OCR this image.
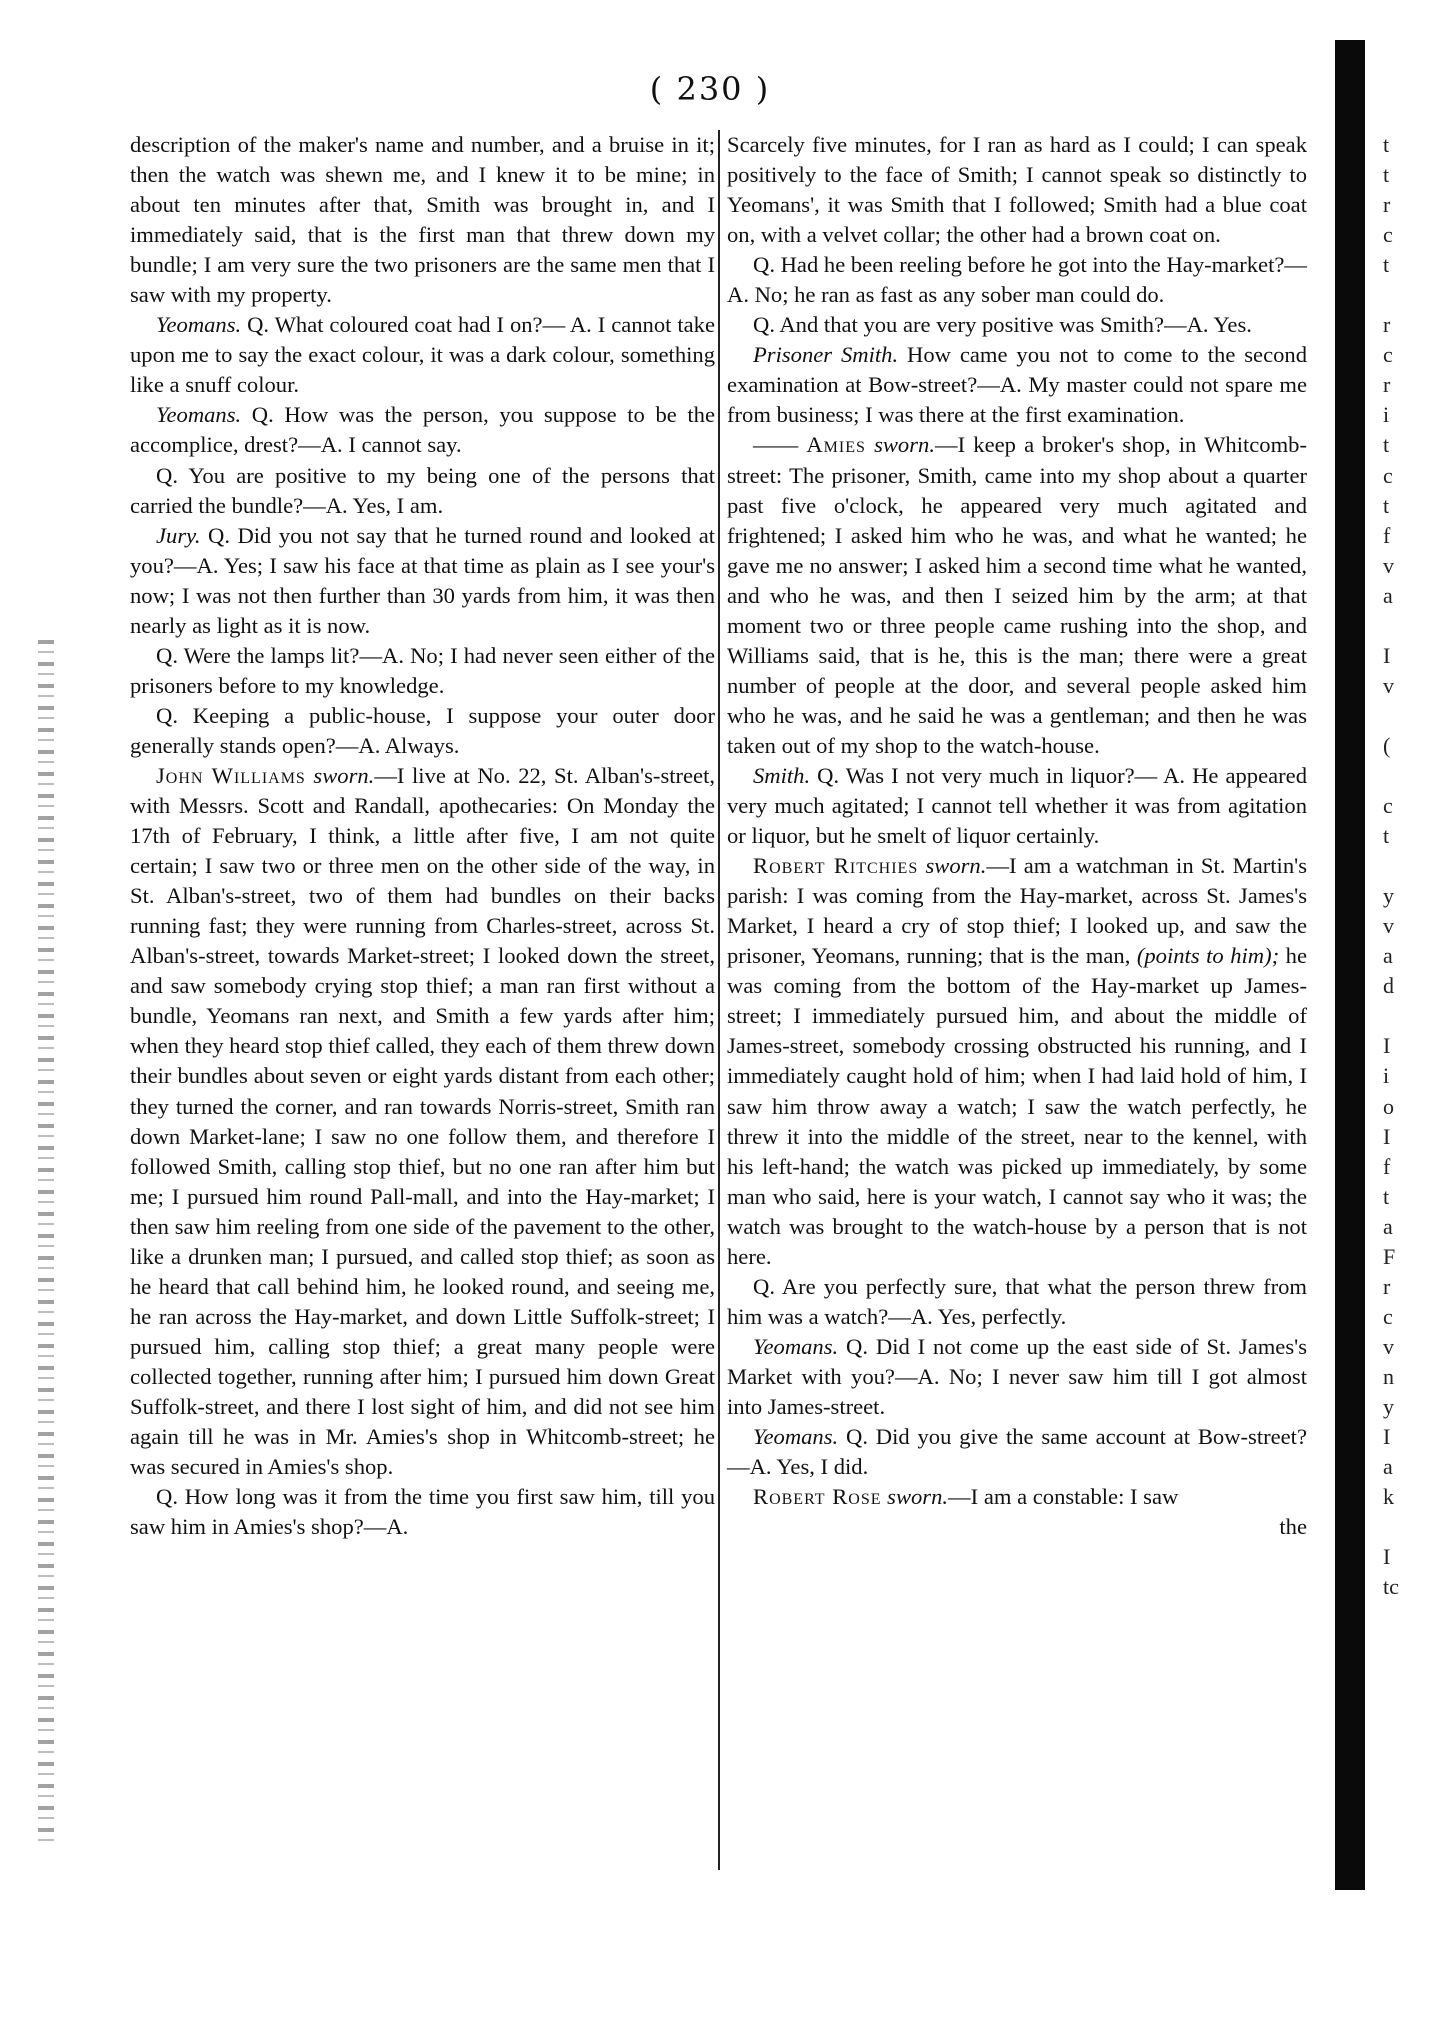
( 230 )

description of the maker's name and number, and a bruise in it; then the watch was shewn me, and I knew it to be mine; in about ten minutes after that, Smith was brought in, and I immediately said, that is the first man that threw down my bundle; I am very sure the two prisoners are the same men that I saw with my property.

Yeomans. Q. What coloured coat had I on?— A. I cannot take upon me to say the exact colour, it was a dark colour, something like a snuff colour.

Yeomans. Q. How was the person, you suppose to be the accomplice, drest?—A. I cannot say.

Q. You are positive to my being one of the persons that carried the bundle?—A. Yes, I am.

Jury. Q. Did you not say that he turned round and looked at you?—A. Yes; I saw his face at that time as plain as I see your's now; I was not then further than 30 yards from him, it was then nearly as light as it is now.

Q. Were the lamps lit?—A. No; I had never seen either of the prisoners before to my knowledge.

Q. Keeping a public-house, I suppose your outer door generally stands open?—A. Always.

John Williams sworn.—I live at No. 22, St. Alban's-street, with Messrs. Scott and Randall, apothecaries: On Monday the 17th of February, I think, a little after five, I am not quite certain; I saw two or three men on the other side of the way, in St. Alban's-street, two of them had bundles on their backs running fast; they were running from Charles-street, across St. Alban's-street, towards Market-street; I looked down the street, and saw somebody crying stop thief; a man ran first without a bundle, Yeomans ran next, and Smith a few yards after him; when they heard stop thief called, they each of them threw down their bundles about seven or eight yards distant from each other; they turned the corner, and ran towards Norris-street, Smith ran down Market-lane; I saw no one follow them, and therefore I followed Smith, calling stop thief, but no one ran after him but me; I pursued him round Pall-mall, and into the Hay-market; I then saw him reeling from one side of the pavement to the other, like a drunken man; I pursued, and called stop thief; as soon as he heard that call behind him, he looked round, and seeing me, he ran across the Hay-market, and down Little Suffolk-street; I pursued him, calling stop thief; a great many people were collected together, running after him; I pursued him down Great Suffolk-street, and there I lost sight of him, and did not see him again till he was in Mr. Amies's shop in Whitcomb-street; he was secured in Amies's shop.

Q. How long was it from the time you first saw him, till you saw him in Amies's shop?—A.

Scarcely five minutes, for I ran as hard as I could; I can speak positively to the face of Smith; I cannot speak so distinctly to Yeomans', it was Smith that I followed; Smith had a blue coat on, with a velvet collar; the other had a brown coat on.

Q. Had he been reeling before he got into the Hay-market?—A. No; he ran as fast as any sober man could do.

Q. And that you are very positive was Smith?—A. Yes.

Prisoner Smith. How came you not to come to the second examination at Bow-street?—A. My master could not spare me from business; I was there at the first examination.

—— Amies sworn.—I keep a broker's shop, in Whitcomb-street: The prisoner, Smith, came into my shop about a quarter past five o'clock, he appeared very much agitated and frightened; I asked him who he was, and what he wanted; he gave me no answer; I asked him a second time what he wanted, and who he was, and then I seized him by the arm; at that moment two or three people came rushing into the shop, and Williams said, that is he, this is the man; there were a great number of people at the door, and several people asked him who he was, and he said he was a gentleman; and then he was taken out of my shop to the watch-house.

Smith. Q. Was I not very much in liquor?— A. He appeared very much agitated; I cannot tell whether it was from agitation or liquor, but he smelt of liquor certainly.

Robert Ritchies sworn.—I am a watchman in St. Martin's parish: I was coming from the Hay-market, across St. James's Market, I heard a cry of stop thief; I looked up, and saw the prisoner, Yeomans, running; that is the man, (points to him); he was coming from the bottom of the Hay-market up James-street; I immediately pursued him, and about the middle of James-street, somebody crossing obstructed his running, and I immediately caught hold of him; when I had laid hold of him, I saw him throw away a watch; I saw the watch perfectly, he threw it into the middle of the street, near to the kennel, with his left-hand; the watch was picked up immediately, by some man who said, here is your watch, I cannot say who it was; the watch was brought to the watch-house by a person that is not here.

Q. Are you perfectly sure, that what the person threw from him was a watch?—A. Yes, perfectly.

Yeomans. Q. Did I not come up the east side of St. James's Market with you?—A. No; I never saw him till I got almost into James-street.

Yeomans. Q. Did you give the same account at Bow-street?—A. Yes, I did.

Robert Rose sworn.—I am a constable: I saw

the

t
t
r
c
t
r
c
r
i
t
c
t
f
v
a
I
v
(
c
t
y
v
a
d
I
i
o
I
f
t
a
F
r
c
v
n
y
I
a
k
I
tc
